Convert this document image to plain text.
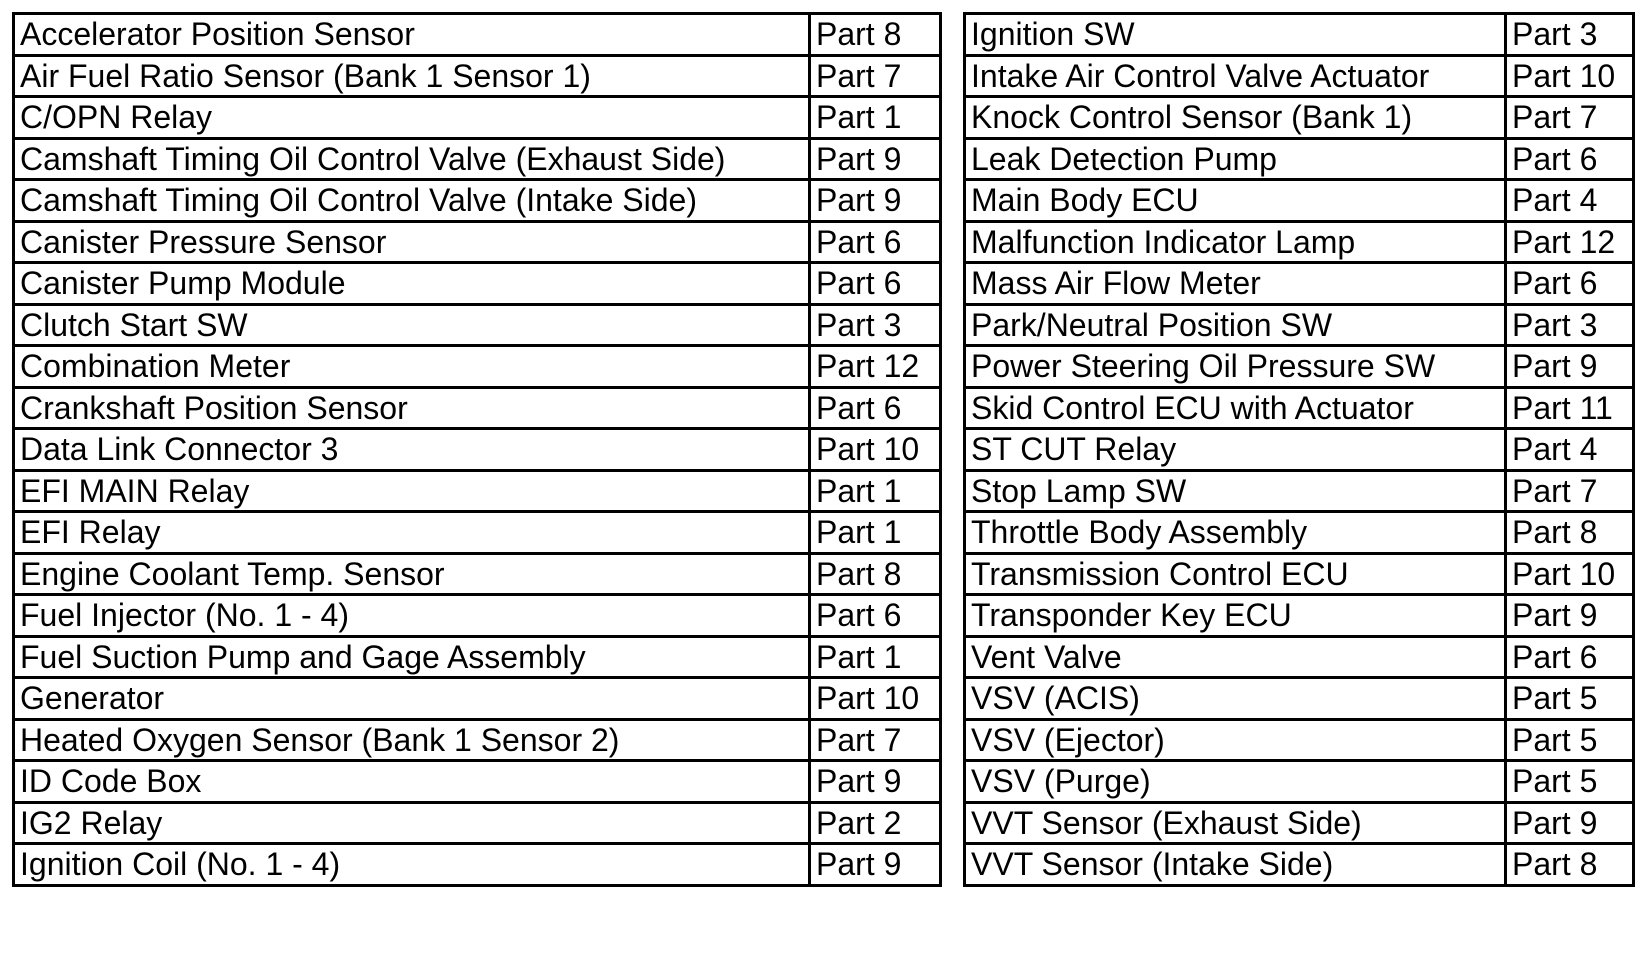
Accelerator Position Sensor	Part 8
Air Fuel Ratio Sensor (Bank 1 Sensor 1)	Part 7
C/OPN Relay	Part 1
Camshaft Timing Oil Control Valve (Exhaust Side)	Part 9
Camshaft Timing Oil Control Valve (Intake Side)	Part 9
Canister Pressure Sensor	Part 6
Canister Pump Module	Part 6
Clutch Start SW	Part 3
Combination Meter	Part 12
Crankshaft Position Sensor	Part 6
Data Link Connector 3	Part 10
EFI MAIN Relay	Part 1
EFI Relay	Part 1
Engine Coolant Temp. Sensor	Part 8
Fuel Injector (No. 1 - 4)	Part 6
Fuel Suction Pump and Gage Assembly	Part 1
Generator	Part 10
Heated Oxygen Sensor (Bank 1 Sensor 2)	Part 7
ID Code Box	Part 9
IG2 Relay	Part 2
Ignition Coil (No. 1 - 4)	Part 9
Ignition SW	Part 3
Intake Air Control Valve Actuator	Part 10
Knock Control Sensor (Bank 1)	Part 7
Leak Detection Pump	Part 6
Main Body ECU	Part 4
Malfunction Indicator Lamp	Part 12
Mass Air Flow Meter	Part 6
Park/Neutral Position SW	Part 3
Power Steering Oil Pressure SW	Part 9
Skid Control ECU with Actuator	Part 11
ST CUT Relay	Part 4
Stop Lamp SW	Part 7
Throttle Body Assembly	Part 8
Transmission Control ECU	Part 10
Transponder Key ECU	Part 9
Vent Valve	Part 6
VSV (ACIS)	Part 5
VSV (Ejector)	Part 5
VSV (Purge)	Part 5
VVT Sensor (Exhaust Side)	Part 9
VVT Sensor (Intake Side)	Part 8
